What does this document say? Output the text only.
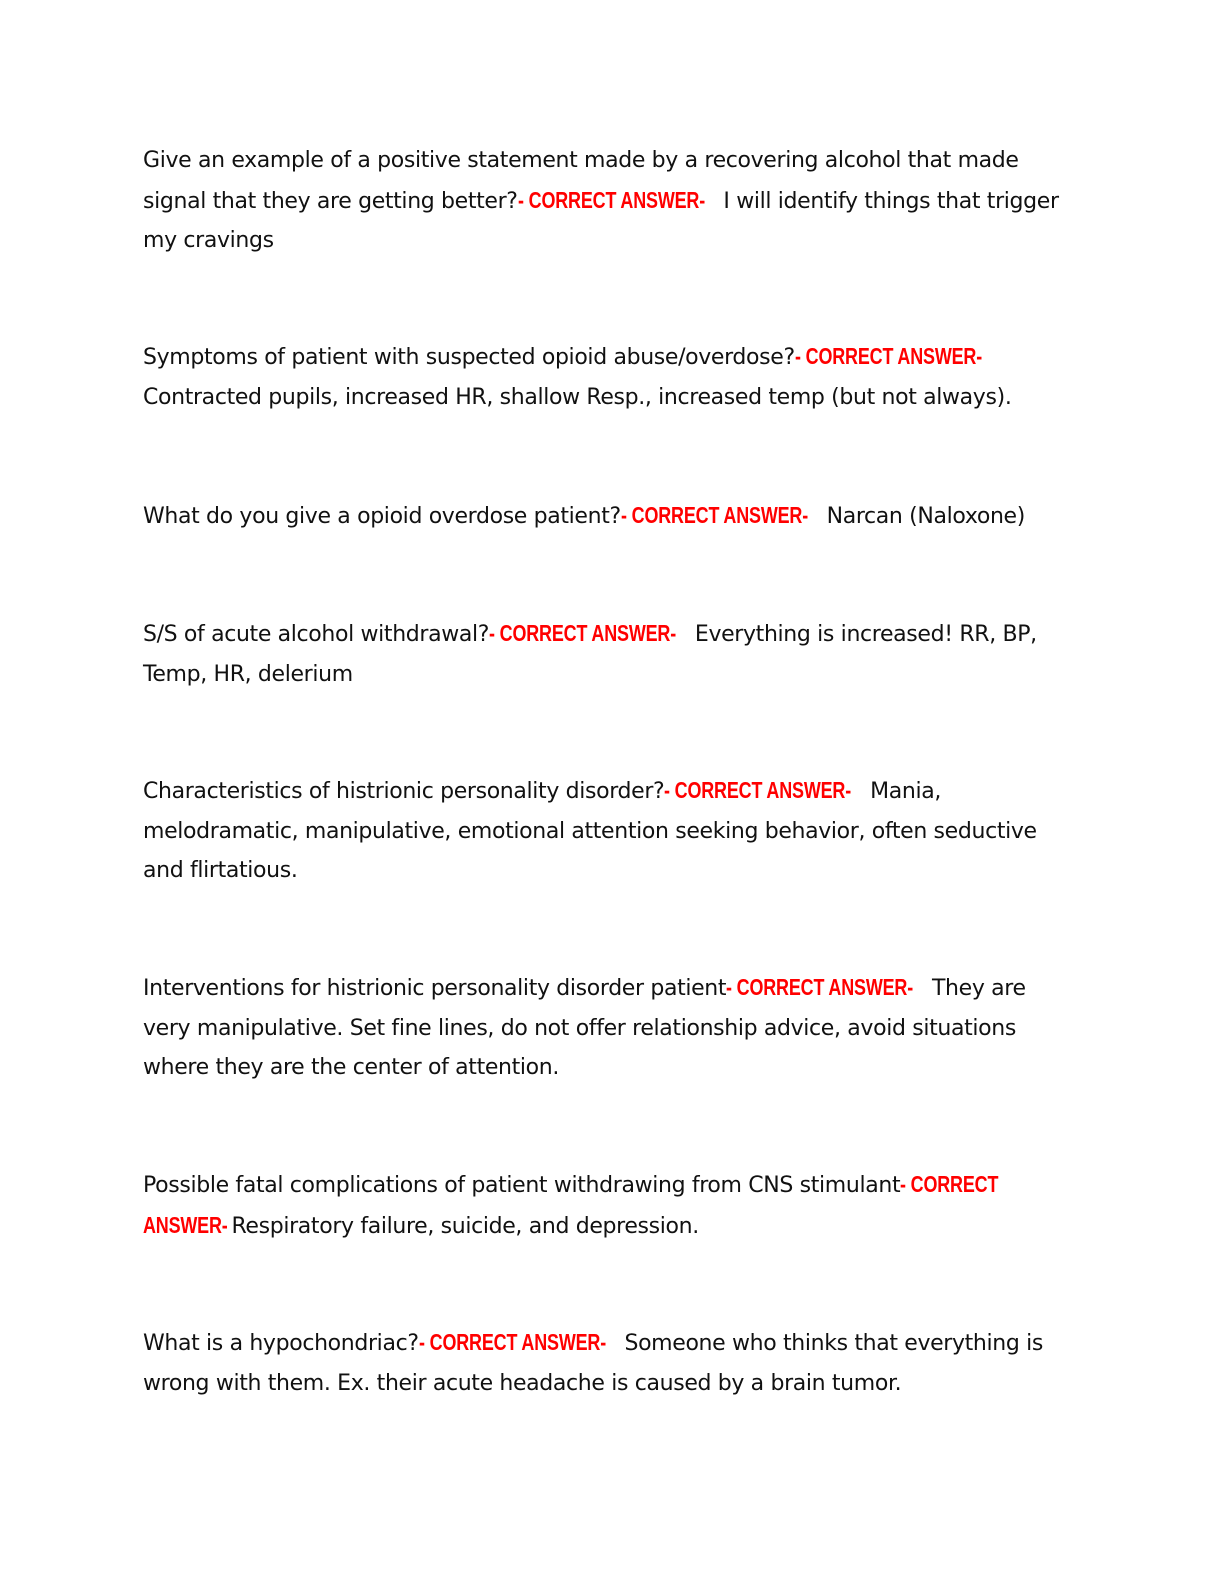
Give an example of a positive statement made by a recovering alcohol that made signal that they are getting better?- CORRECT ANSWER- I will identify things that trigger my cravings

Symptoms of patient with suspected opioid abuse/overdose?- CORRECT ANSWER-
Contracted pupils, increased HR, shallow Resp., increased temp (but not always).

What do you give a opioid overdose patient?- CORRECT ANSWER- Narcan (Naloxone)

S/S of acute alcohol withdrawal?- CORRECT ANSWER- Everything is increased! RR, BP, Temp, HR, delerium

Characteristics of histrionic personality disorder?- CORRECT ANSWER- Mania, melodramatic, manipulative, emotional attention seeking behavior, often seductive and flirtatious.

Interventions for histrionic personality disorder patient- CORRECT ANSWER- They are very manipulative. Set fine lines, do not offer relationship advice, avoid situations where they are the center of attention.

Possible fatal complications of patient withdrawing from CNS stimulant- CORRECT
ANSWER- Respiratory failure, suicide, and depression.

What is a hypochondriac?- CORRECT ANSWER- Someone who thinks that everything is wrong with them. Ex. their acute headache is caused by a brain tumor.
